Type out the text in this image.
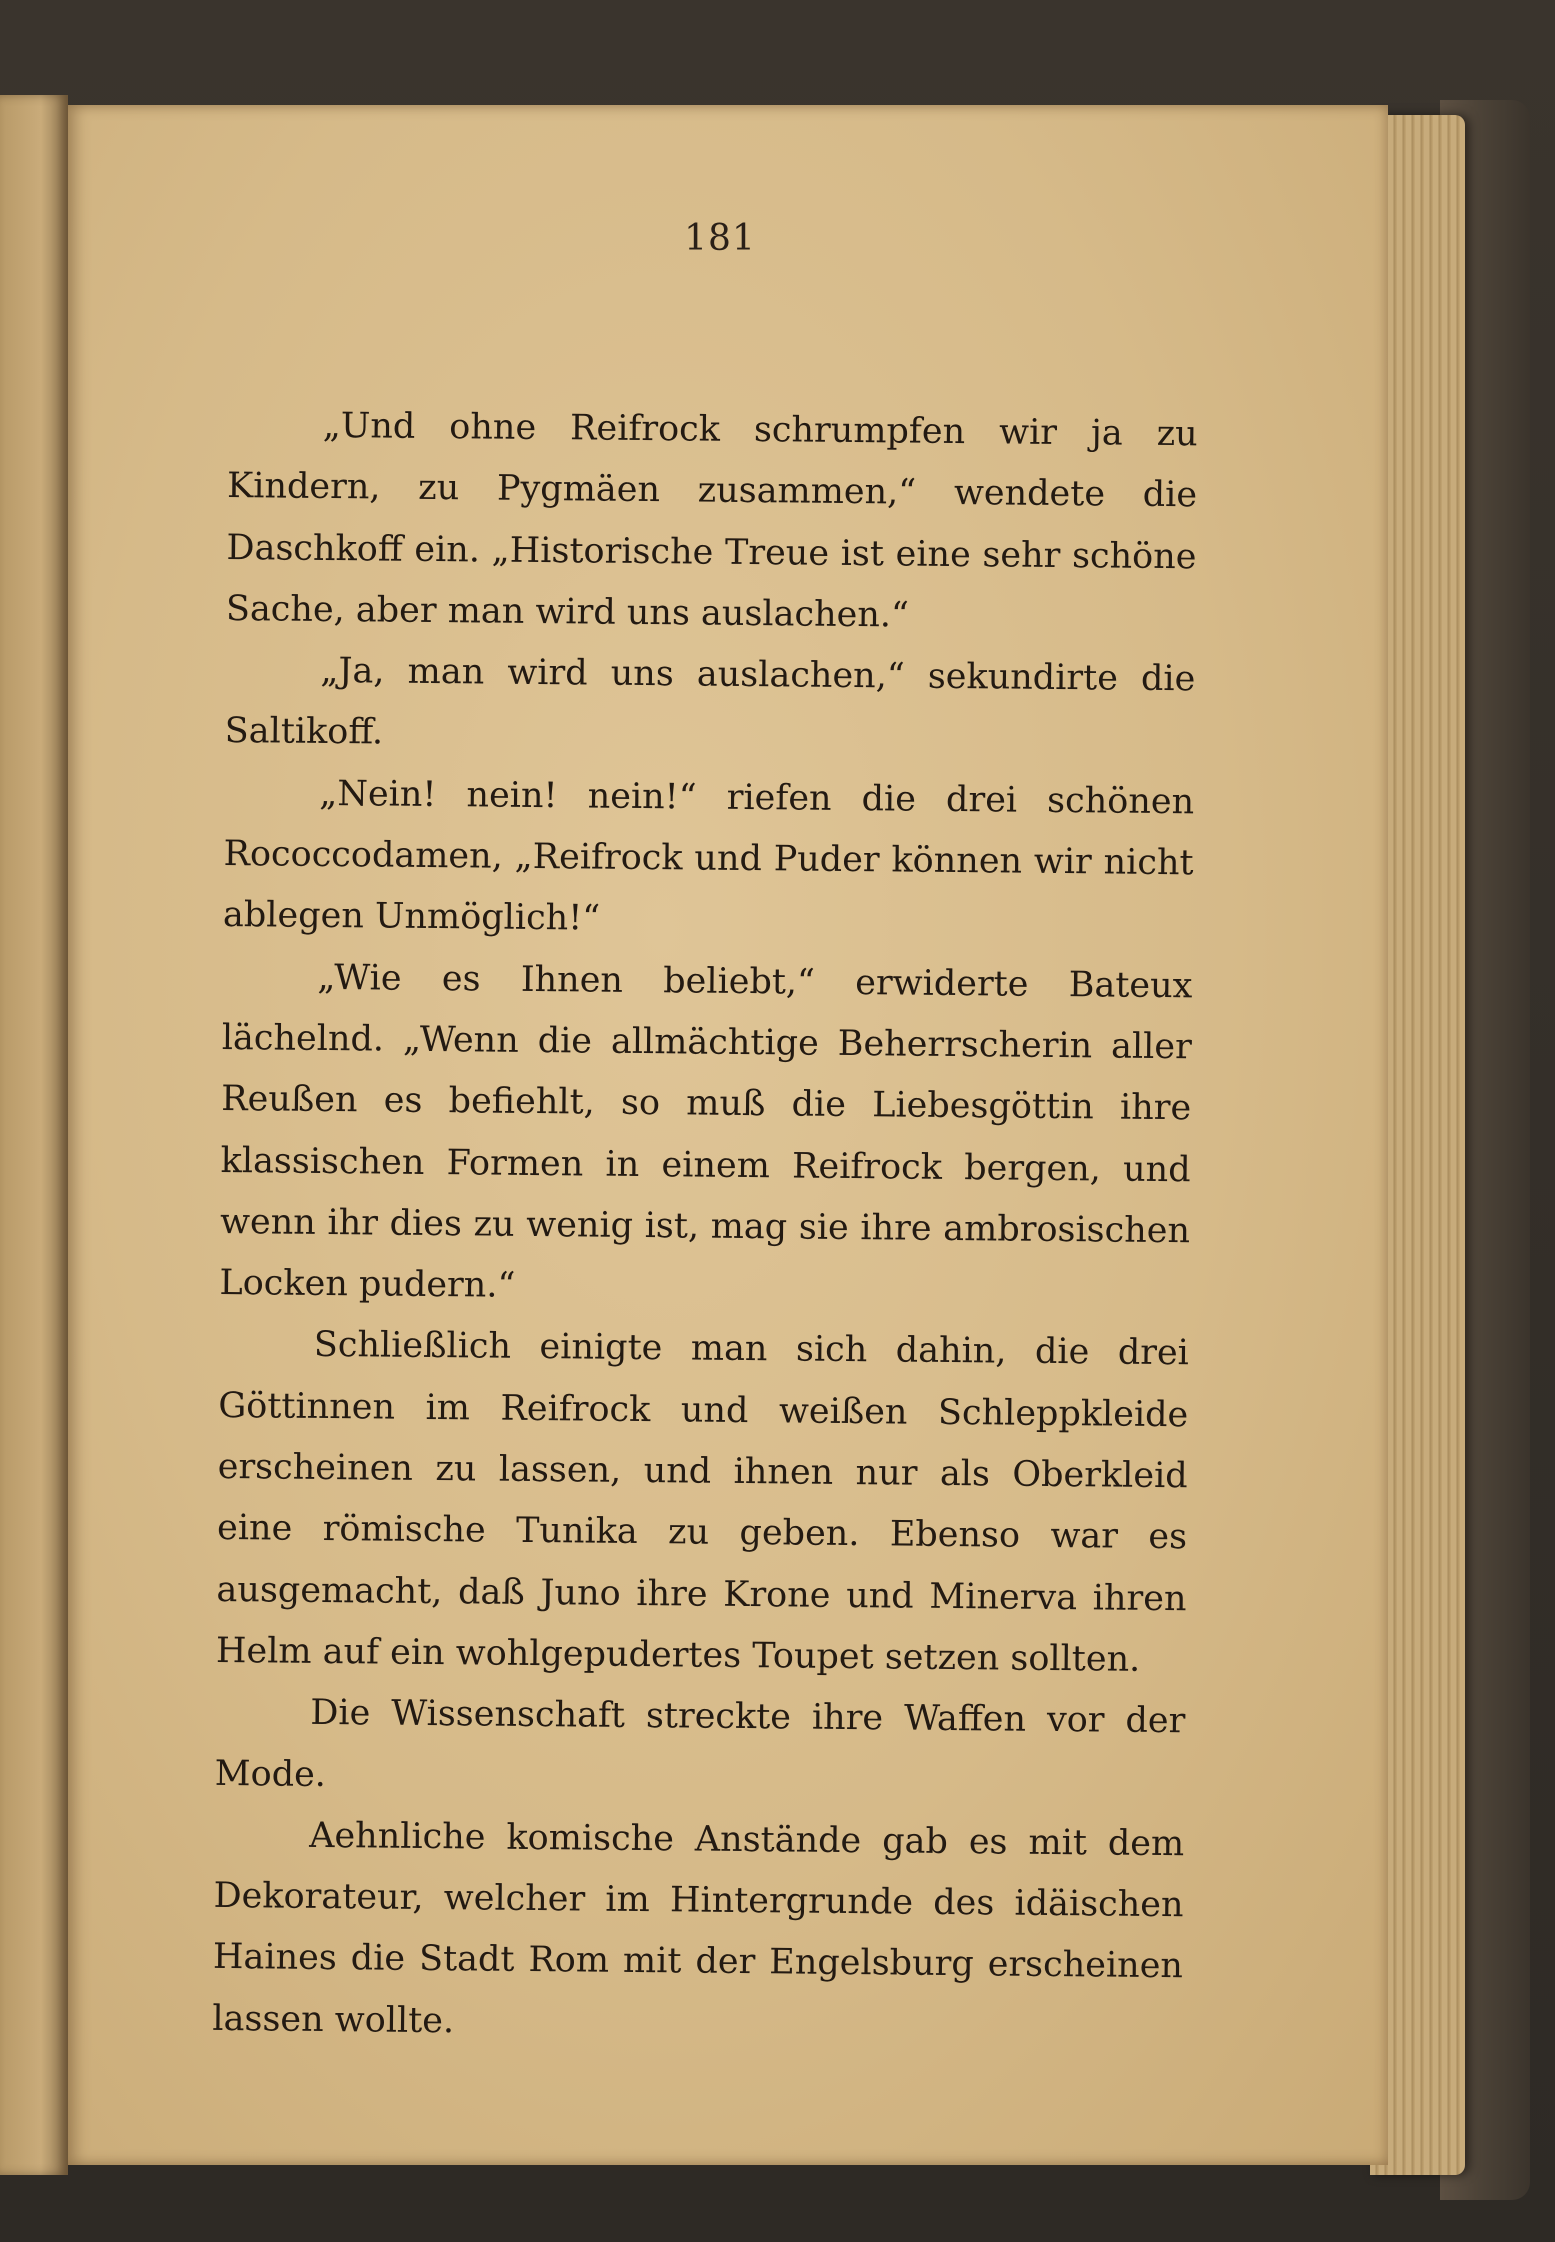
181

„Und ohne Reifrock schrumpfen wir ja zu Kindern, zu Pygmäen zusammen,“ wendete die Daschkoff ein. „Historische Treue ist eine sehr schöne Sache, aber man wird uns auslachen.“

„Ja, man wird uns auslachen,“ sekundirte die Saltikoff.

„Nein! nein! nein!“ riefen die drei schönen Rococcodamen, „Reifrock und Puder können wir nicht ablegen Unmöglich!“

„Wie es Ihnen beliebt,“ erwiderte Bateux lächelnd. „Wenn die allmächtige Beherrscherin aller Reußen es befiehlt, so muß die Liebesgöttin ihre klassischen Formen in einem Reifrock bergen, und wenn ihr dies zu wenig ist, mag sie ihre ambrosischen Locken pudern.“

Schließlich einigte man sich dahin, die drei Göttinnen im Reifrock und weißen Schleppkleide erscheinen zu lassen, und ihnen nur als Oberkleid eine römische Tunika zu geben. Ebenso war es ausgemacht, daß Juno ihre Krone und Minerva ihren Helm auf ein wohlgepudertes Toupet setzen sollten.

Die Wissenschaft streckte ihre Waffen vor der Mode.

Aehnliche komische Anstände gab es mit dem Dekorateur, welcher im Hintergrunde des idäischen Haines die Stadt Rom mit der Engelsburg erscheinen lassen wollte.
